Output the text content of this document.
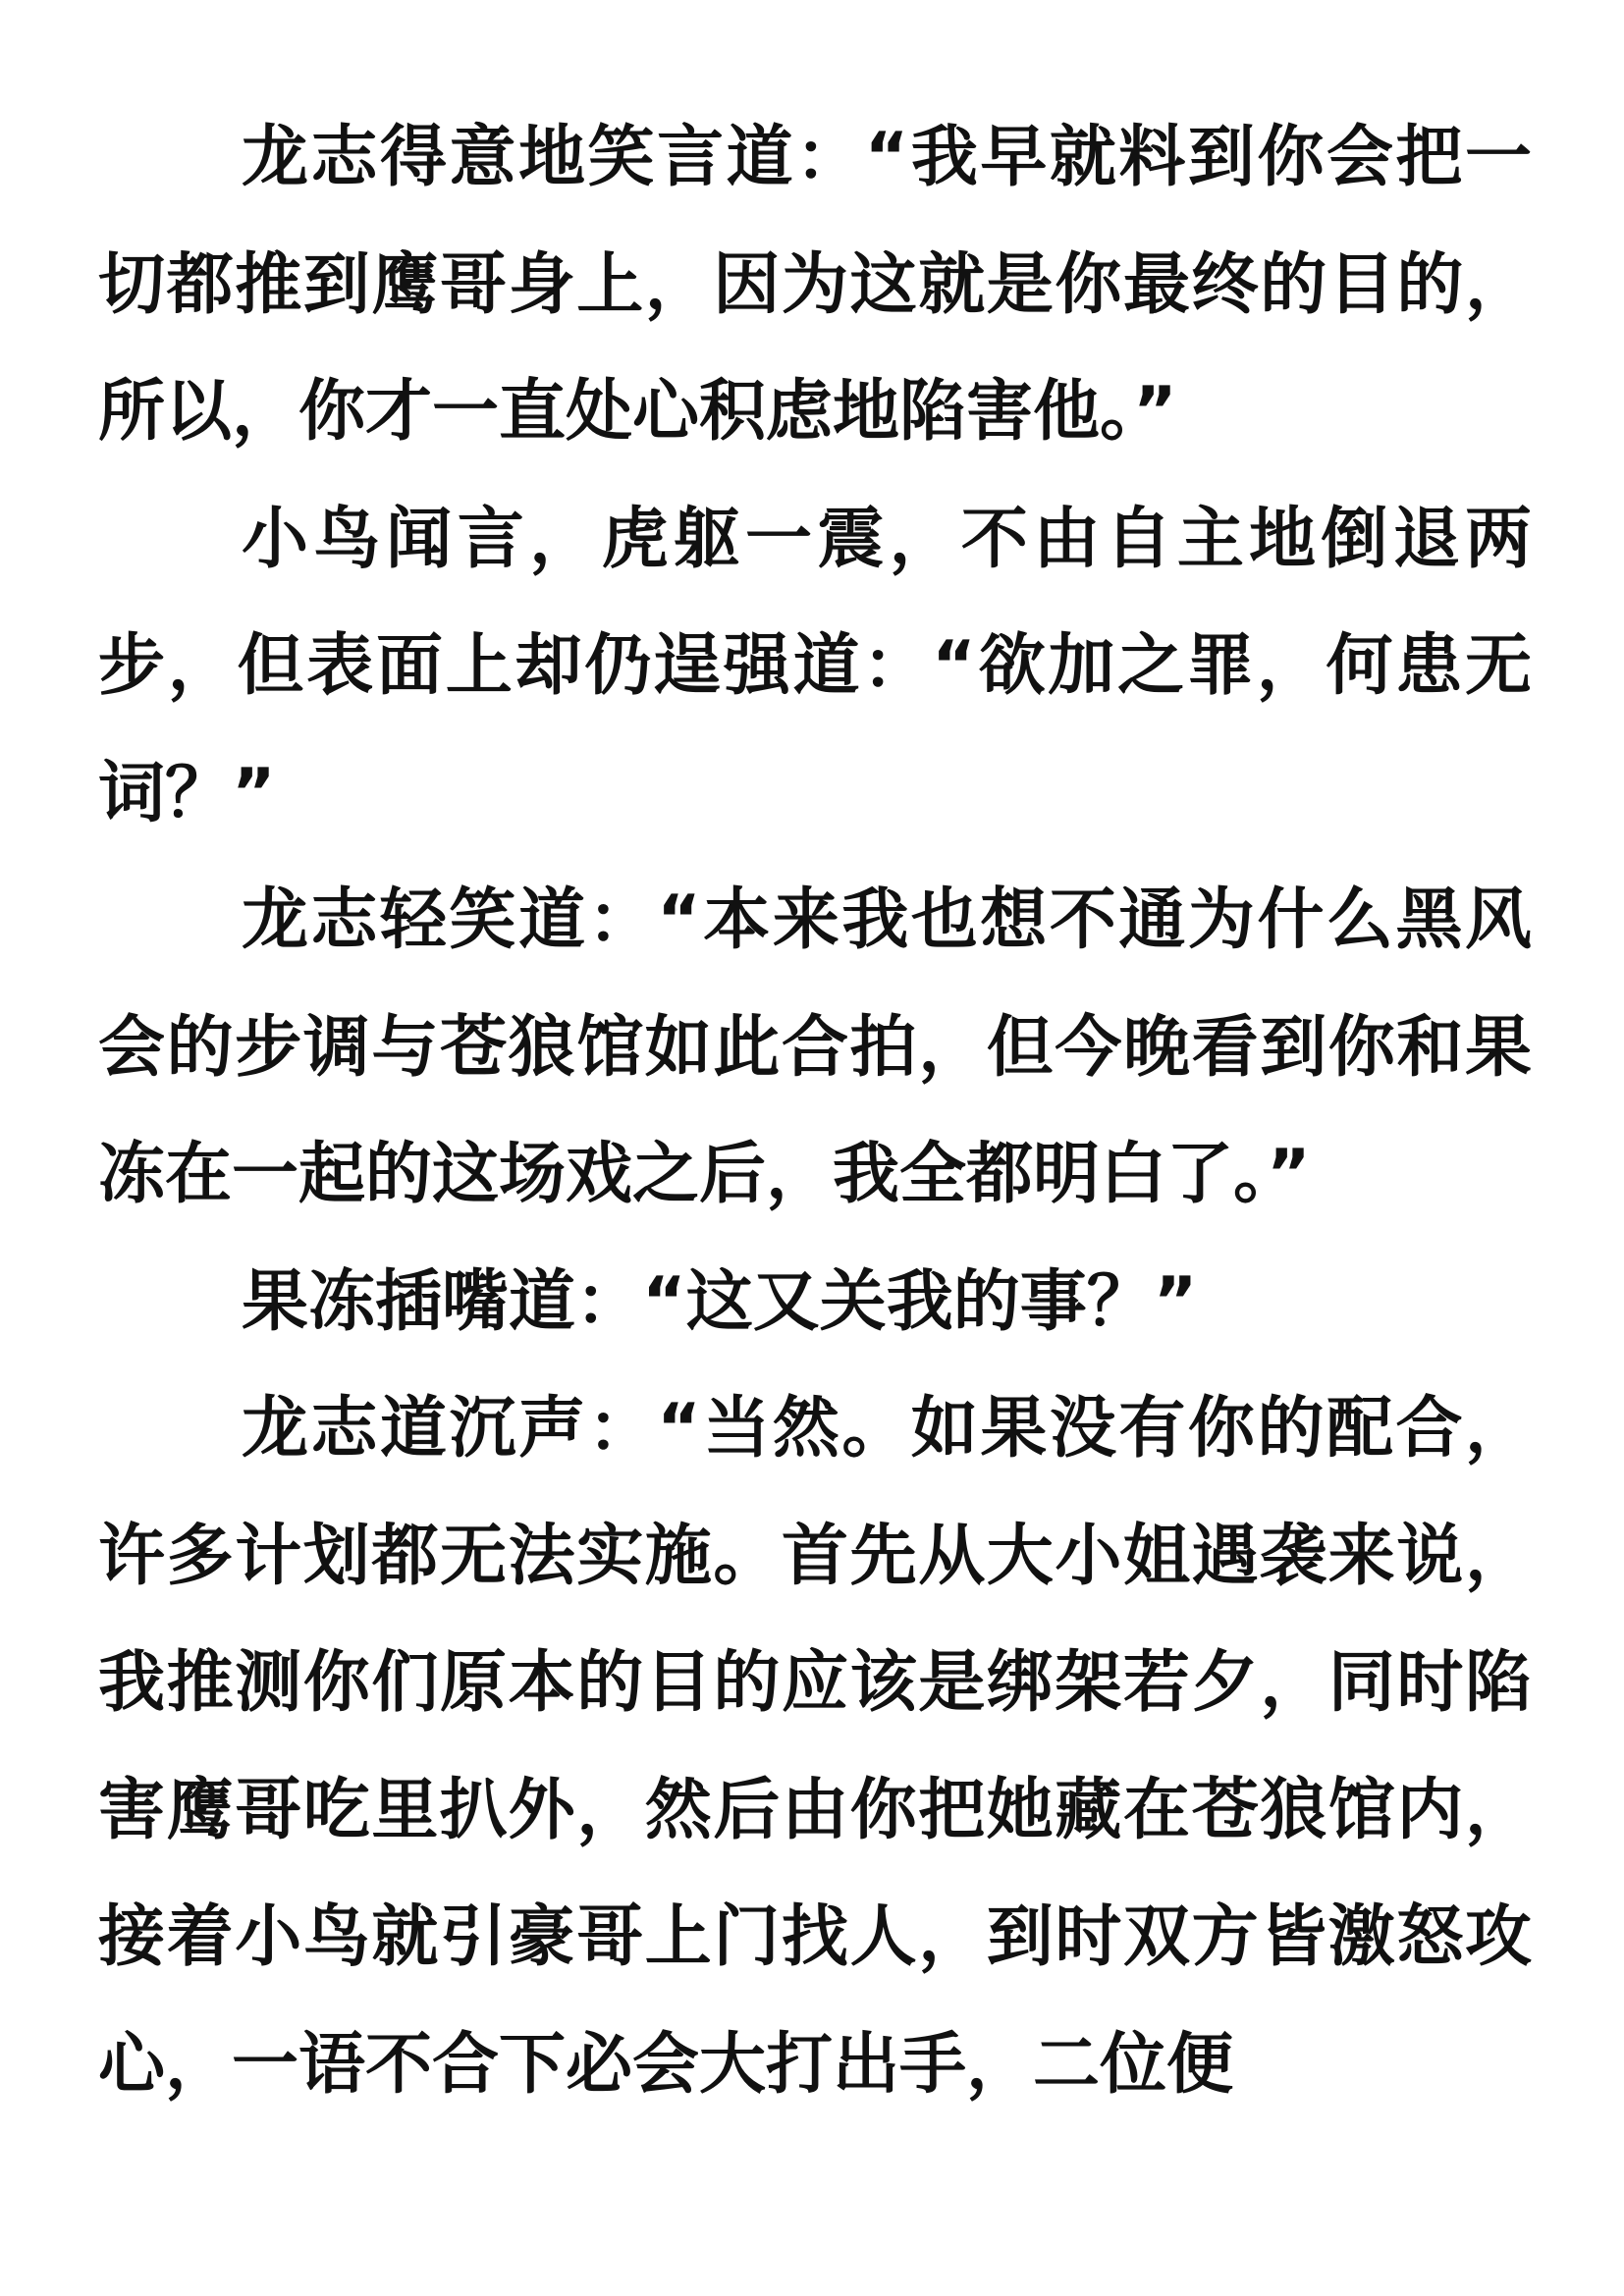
龙志得意地笑言道：“我早就料到你会把一切都推到鹰哥身上，因为这就是你最终的目的，所以，你才一直处心积虑地陷害他。”

小鸟闻言，虎躯一震，不由自主地倒退两步，但表面上却仍逞强道：“欲加之罪，何患无词？”

龙志轻笑道：“本来我也想不通为什么黑风会的步调与苍狼馆如此合拍，但今晚看到你和果冻在一起的这场戏之后，我全都明白了。”

果冻插嘴道：“这又关我的事？”

龙志道沉声：“当然。如果没有你的配合，许多计划都无法实施。首先从大小姐遇袭来说，我推测你们原本的目的应该是绑架若夕，同时陷害鹰哥吃里扒外，然后由你把她藏在苍狼馆内，接着小鸟就引豪哥上门找人，到时双方皆激怒攻心，一语不合下必会大打出手，二位便
